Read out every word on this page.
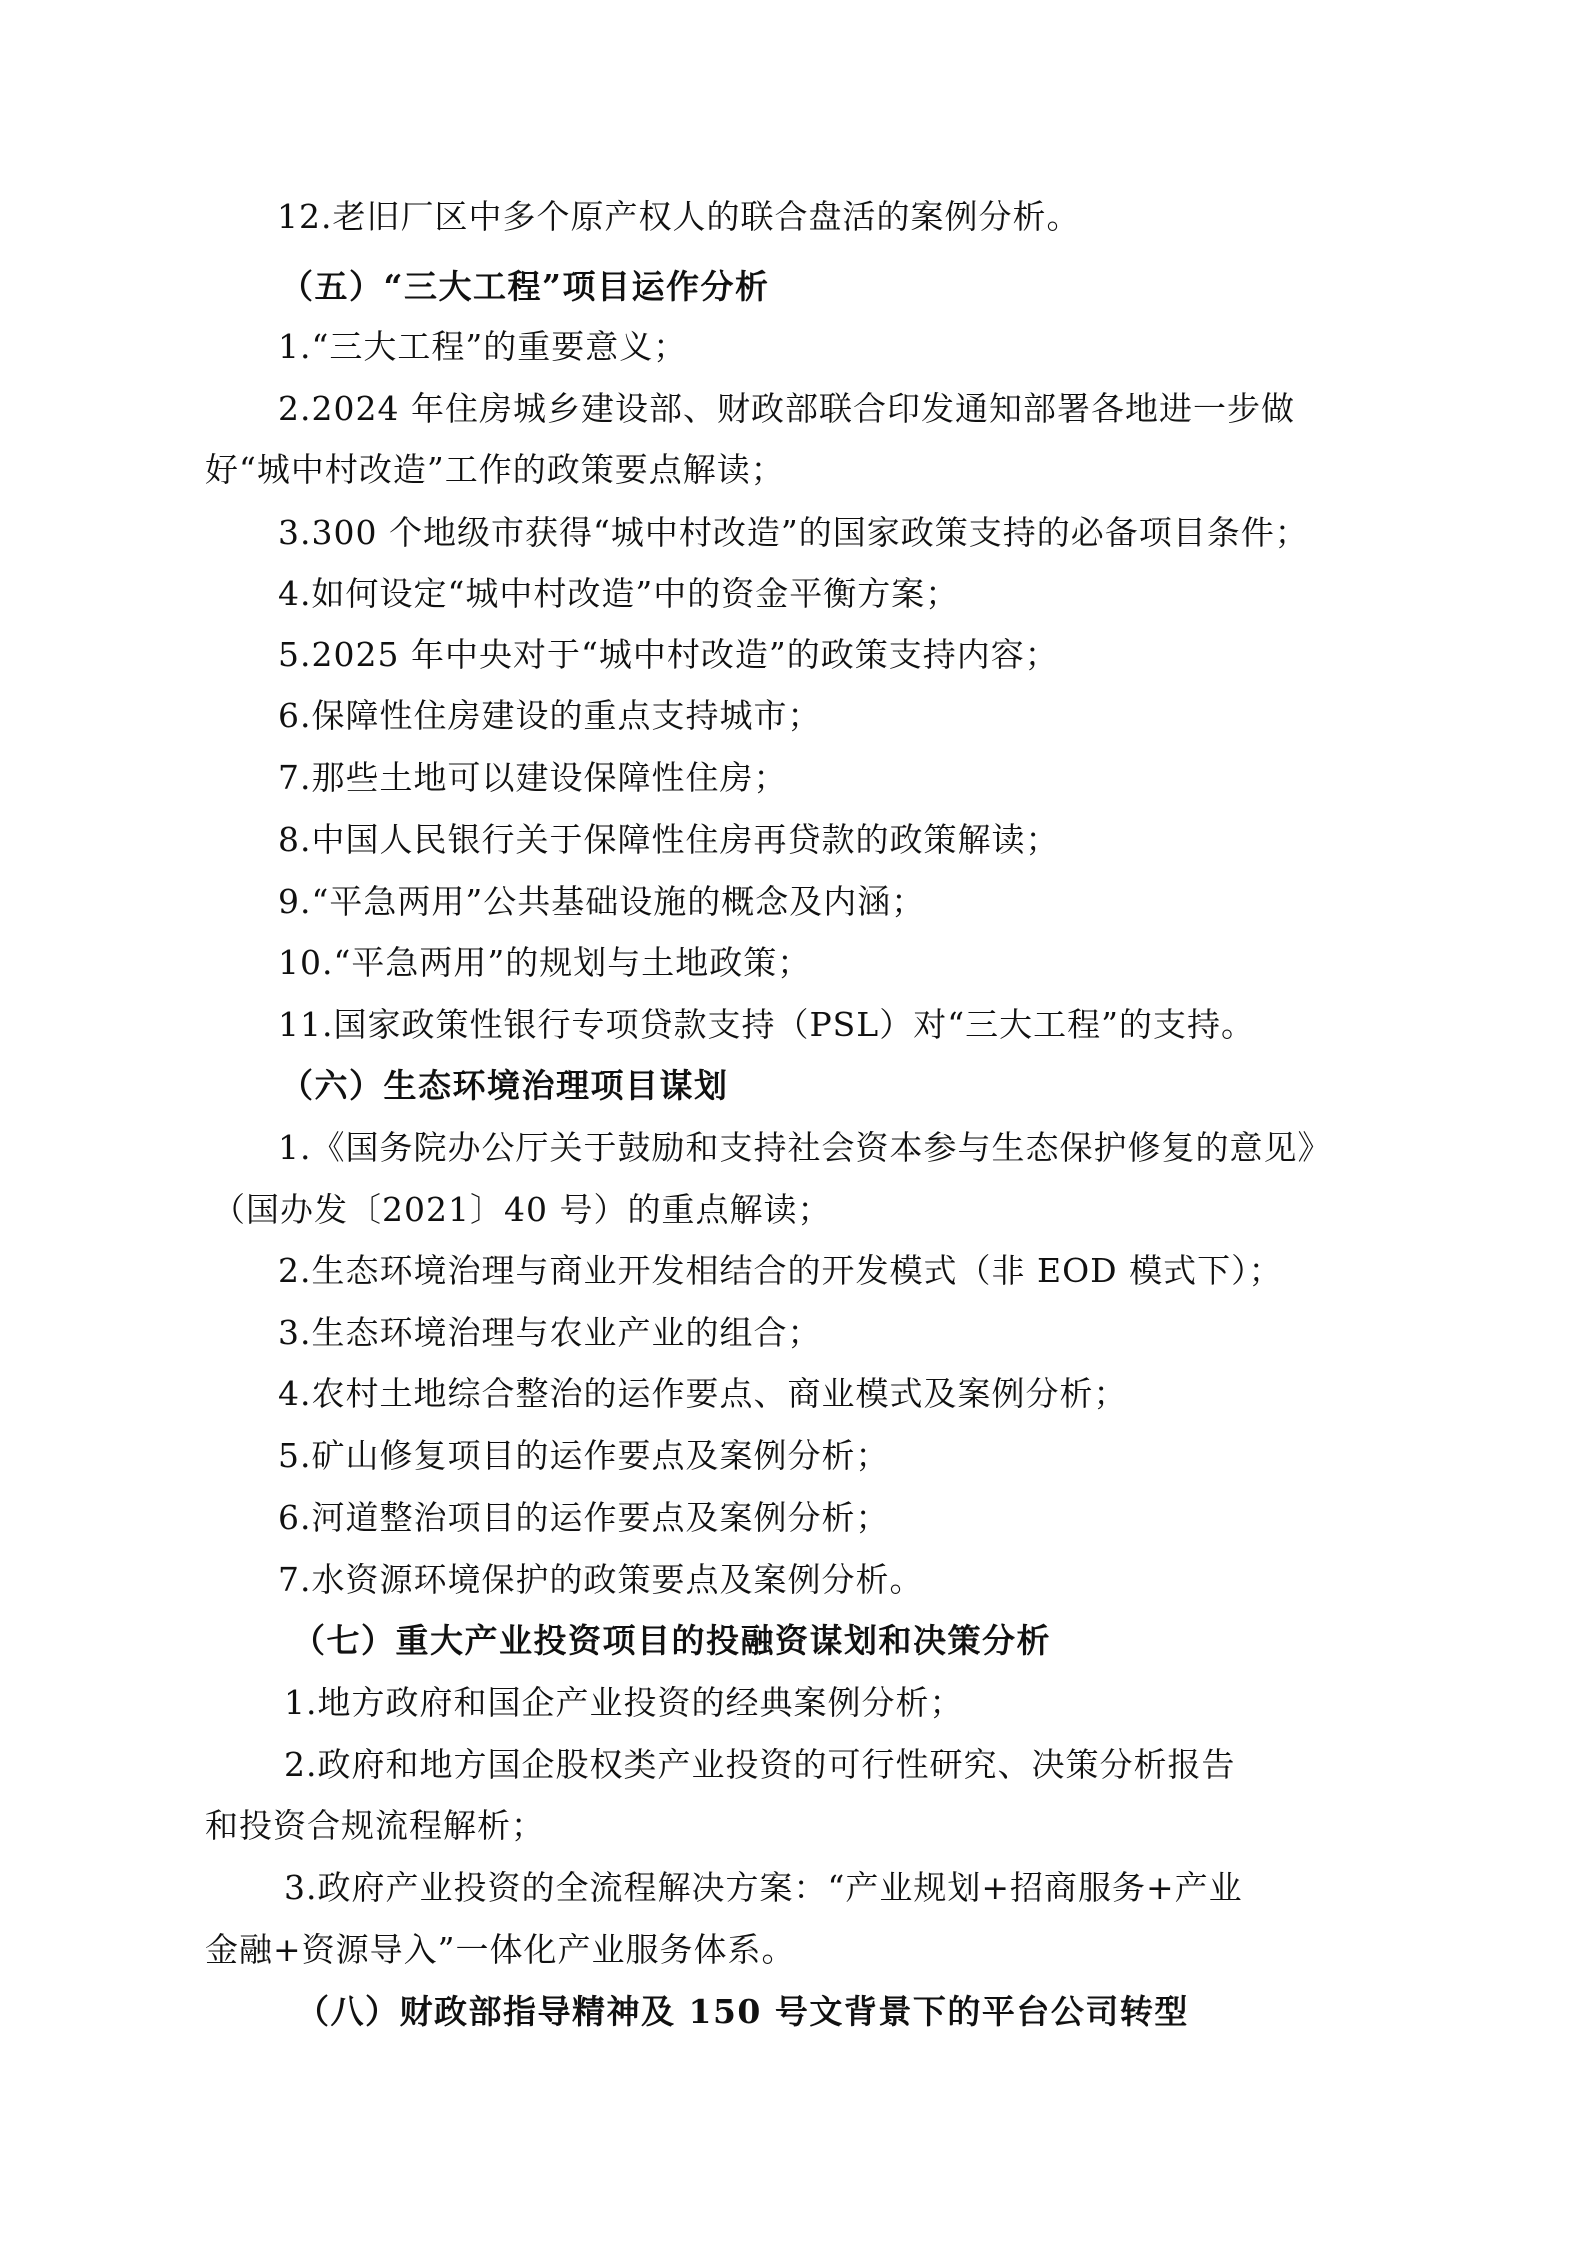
12.老旧厂区中多个原产权人的联合盘活的案例分析。

（五）“三大工程”项目运作分析

1.“三大工程”的重要意义；

2.2024 年住房城乡建设部、财政部联合印发通知部署各地进一步做

好“城中村改造”工作的政策要点解读；

3.300 个地级市获得“城中村改造”的国家政策支持的必备项目条件；

4.如何设定“城中村改造”中的资金平衡方案；

5.2025 年中央对于“城中村改造”的政策支持内容；

6.保障性住房建设的重点支持城市；

7.那些土地可以建设保障性住房；

8.中国人民银行关于保障性住房再贷款的政策解读；

9.“平急两用”公共基础设施的概念及内涵；

10.“平急两用”的规划与土地政策；

11.国家政策性银行专项贷款支持（PSL）对“三大工程”的支持。

（六）生态环境治理项目谋划

1.《国务院办公厅关于鼓励和支持社会资本参与生态保护修复的意见》

（国办发〔2021〕40 号）的重点解读；

2.生态环境治理与商业开发相结合的开发模式（非 EOD 模式下）；

3.生态环境治理与农业产业的组合；

4.农村土地综合整治的运作要点、商业模式及案例分析；

5.矿山修复项目的运作要点及案例分析；

6.河道整治项目的运作要点及案例分析；

7.水资源环境保护的政策要点及案例分析。

（七）重大产业投资项目的投融资谋划和决策分析

1.地方政府和国企产业投资的经典案例分析；

2.政府和地方国企股权类产业投资的可行性研究、决策分析报告

和投资合规流程解析；

3.政府产业投资的全流程解决方案：“产业规划+招商服务+产业

金融+资源导入”一体化产业服务体系。

（八）财政部指导精神及 150 号文背景下的平台公司转型
